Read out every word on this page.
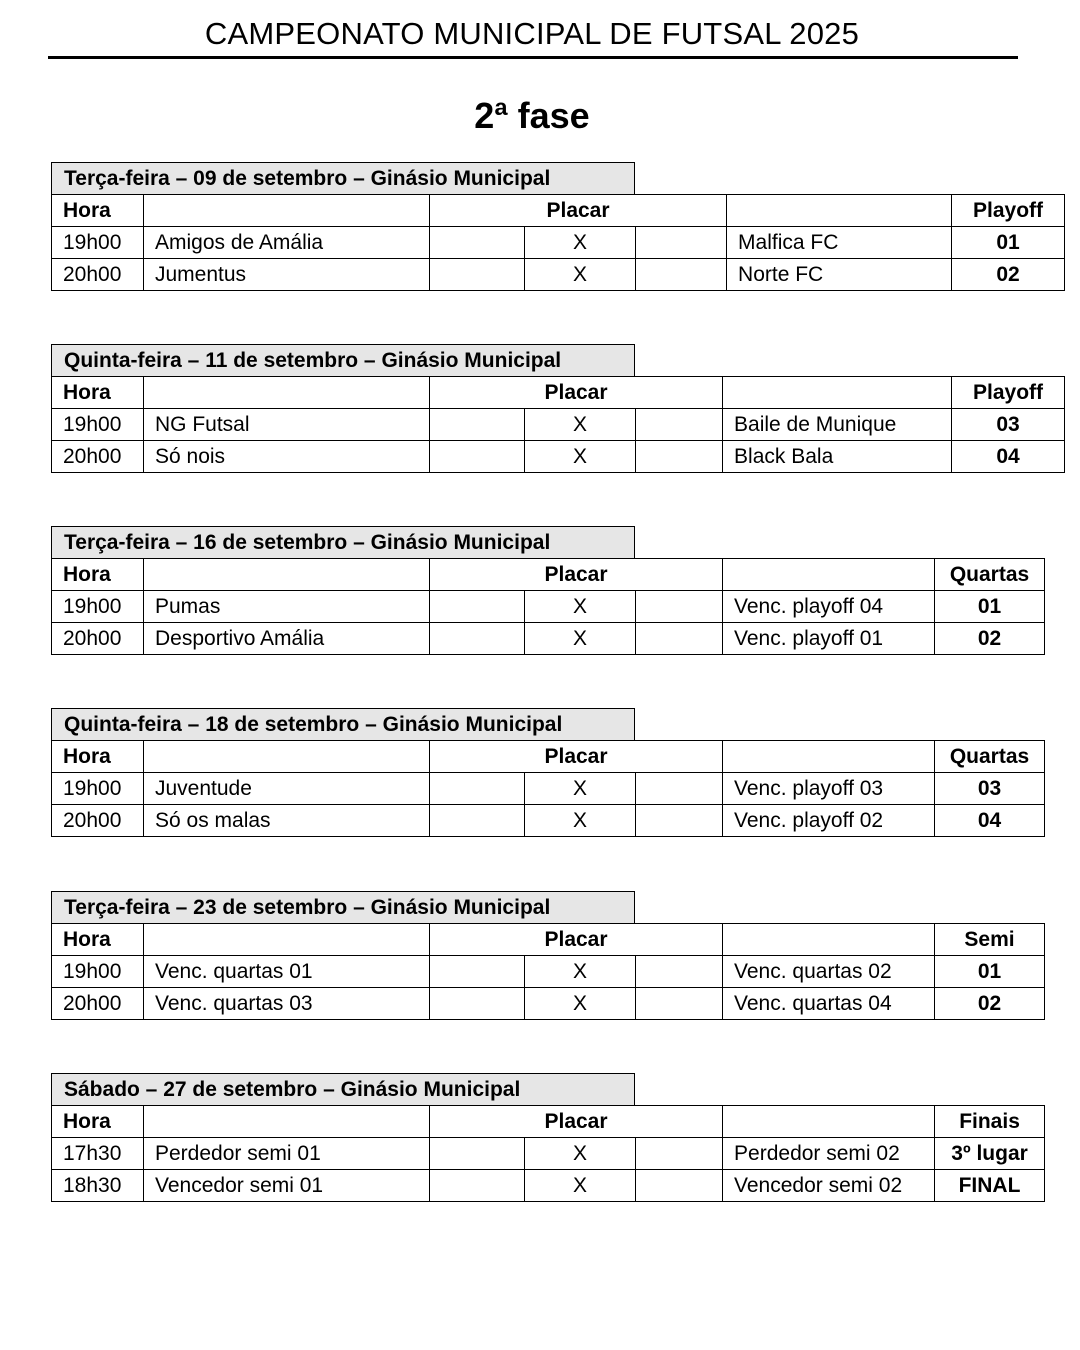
CAMPEONATO MUNICIPAL DE FUTSAL 2025
2ª fase
Terça-feira – 09 de setembro – Ginásio Municipal
Hora		Placar				Playoff
19h00	Amigos de Amália		X		Malfica FC	01
20h00	Jumentus		X		Norte FC	02
Quinta-feira – 11 de setembro – Ginásio Municipal
Hora		Placar				Playoff
19h00	NG Futsal		X		Baile de Munique	03
20h00	Só nois		X		Black Bala	04
Terça-feira – 16 de setembro – Ginásio Municipal
Hora		Placar				Quartas
19h00	Pumas		X		Venc. playoff 04	01
20h00	Desportivo Amália		X		Venc. playoff 01	02
Quinta-feira – 18 de setembro – Ginásio Municipal
Hora		Placar				Quartas
19h00	Juventude		X		Venc. playoff 03	03
20h00	Só os malas		X		Venc. playoff 02	04
Terça-feira – 23 de setembro – Ginásio Municipal
Hora		Placar				Semi
19h00	Venc. quartas 01		X		Venc. quartas 02	01
20h00	Venc. quartas 03		X		Venc. quartas 04	02
Sábado – 27 de setembro – Ginásio Municipal
Hora		Placar				Finais
17h30	Perdedor semi 01		X		Perdedor semi 02	3º lugar
18h30	Vencedor semi 01		X		Vencedor semi 02	FINAL
